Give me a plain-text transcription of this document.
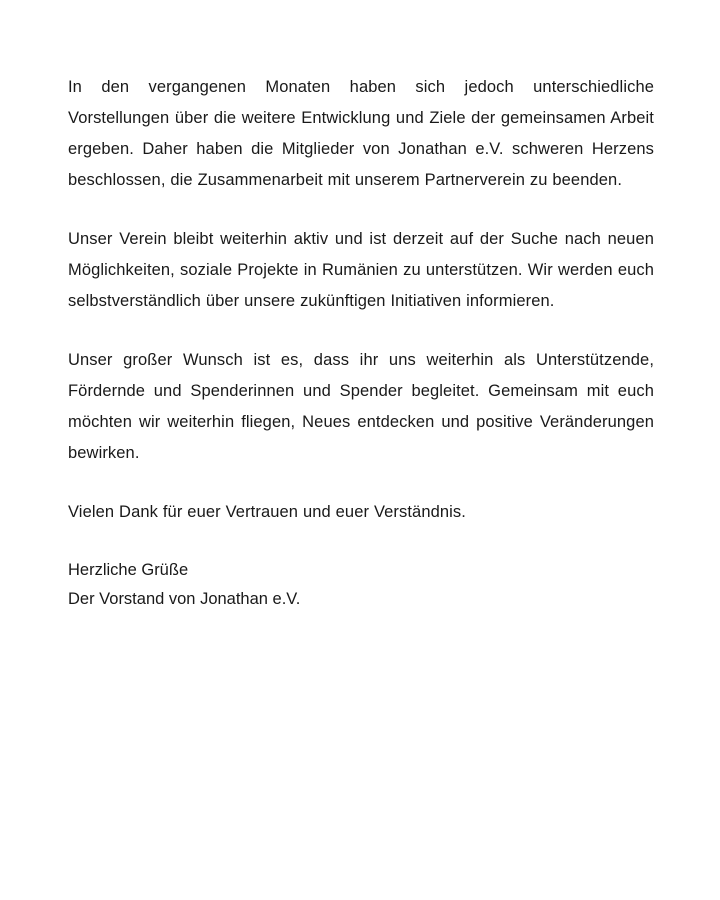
In den vergangenen Monaten haben sich jedoch unterschiedliche Vorstellungen über die weitere Entwicklung und Ziele der gemeinsamen Arbeit ergeben. Daher haben die Mitglieder von Jonathan e.V. schweren Herzens beschlossen, die Zusammenarbeit mit unserem Partnerverein zu beenden.

Unser Verein bleibt weiterhin aktiv und ist derzeit auf der Suche nach neuen Möglichkeiten, soziale Projekte in Rumänien zu unterstützen. Wir werden euch selbstverständlich über unsere zukünftigen Initiativen informieren.

Unser großer Wunsch ist es, dass ihr uns weiterhin als Unterstützende, Fördernde und Spenderinnen und Spender begleitet. Gemeinsam mit euch möchten wir weiterhin fliegen, Neues entdecken und positive Veränderungen bewirken.

Vielen Dank für euer Vertrauen und euer Verständnis.

Herzliche Grüße
Der Vorstand von Jonathan e.V.
